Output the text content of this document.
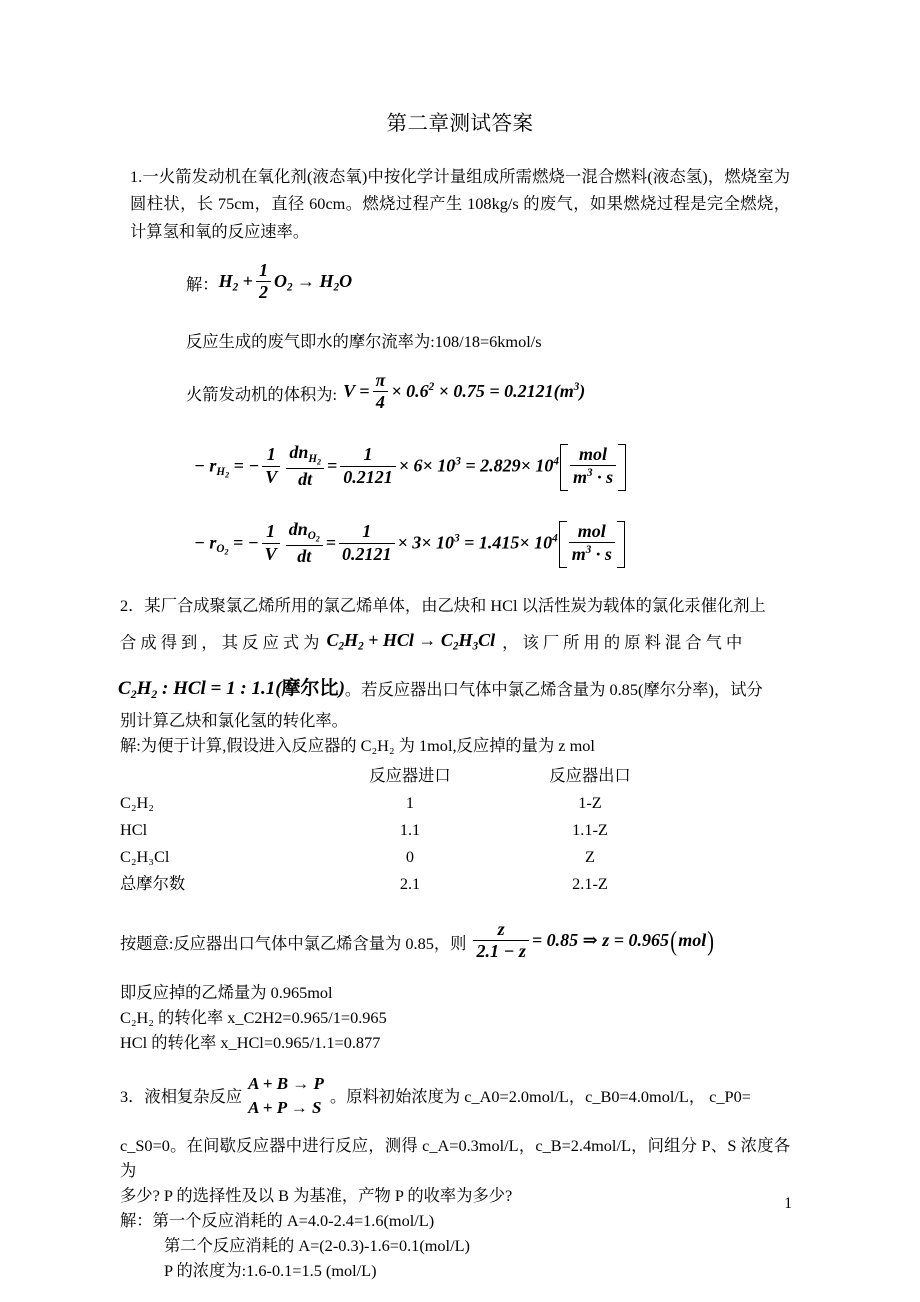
第二章测试答案

1.一火箭发动机在氧化剂(液态氧)中按化学计量组成所需燃烧一混合燃料(液态氢)，燃烧室为圆柱状，长 75cm，直径 60cm。燃烧过程产生 108kg/s 的废气，如果燃烧过程是完全燃烧，计算氢和氧的反应速率。

解： $H_2 + \frac{1}{2} O_2 \to H_2O$

反应生成的废气即水的摩尔流率为:108/18=6kmol/s

火箭发动机的体积为: $V = \frac{\pi}{4} \times 0.6^2 \times 0.75 = 0.2121(m^3)$
− $r_{H_2}$ = − $\frac{1}{V} \frac{dn_{H_2}}{dt} = \frac{1}{0.2121} \times 6\times 10^3 = 2.829\times 10^4 \frac{\text{mol}}{m^3 \cdot s}$
− $r_{O_2}$ = − $\frac{1}{V} \frac{dn_{O_2}}{dt} = \frac{1}{0.2121} \times 3\times 10^3 = 1.415\times 10^4 \frac{\text{mol}}{m^3 \cdot s}$

2．某厂合成聚氯乙烯所用的氯乙烯单体，由乙炔和 HCl 以活性炭为载体的氯化汞催化剂上

合 成 得 到 ， 其 反 应 式 为 $C_2H_2$ + HCl → $C_2H_3Cl$ ， 该 厂 所 用 的 原 料 混 合 气 中
$C_2H_2$ : HCl = 1 : 1.1(摩尔比) 。若反应器出口气体中氯乙烯含量为 0.85(摩尔分率)，试分

别计算乙炔和氯化氢的转化率。

解:为便于计算,假设进入反应器的 C₂H₂ 为 1mol,反应掉的量为 z mol

	反应器进口	反应器出口
C₂H₂	1	1-Z
HCl	1.1	1.1-Z
C₂H₃Cl	0	Z
总摩尔数	2.1	2.1-Z
按题意:反应器出口气体中氯乙烯含量为 0.85，则 $\frac{z}{2.1 - z} = 0.85$ ⇒ z = 0.965(mol)

即反应掉的乙烯量为 0.965mol

C₂H₂ 的转化率 x_C2H2=0.965/1=0.965

HCl 的转化率 x_HCl=0.965/1.1=0.877

3．液相复杂反应
A + B → P
A + P → S
。原料初始浓度为 c_A0=2.0mol/L，c_B0=4.0mol/L， c_P0=

c_S0=0。在间歇反应器中进行反应，测得 c_A=0.3mol/L，c_B=2.4mol/L，问组分 P、S 浓度各为

多少? P 的选择性及以 B 为基准，产物 P 的收率为多少?

解：第一个反应消耗的 A=4.0-2.4=1.6(mol/L)

第二个反应消耗的 A=(2-0.3)-1.6=0.1(mol/L)

P 的浓度为:1.6-0.1=1.5 (mol/L)

1
